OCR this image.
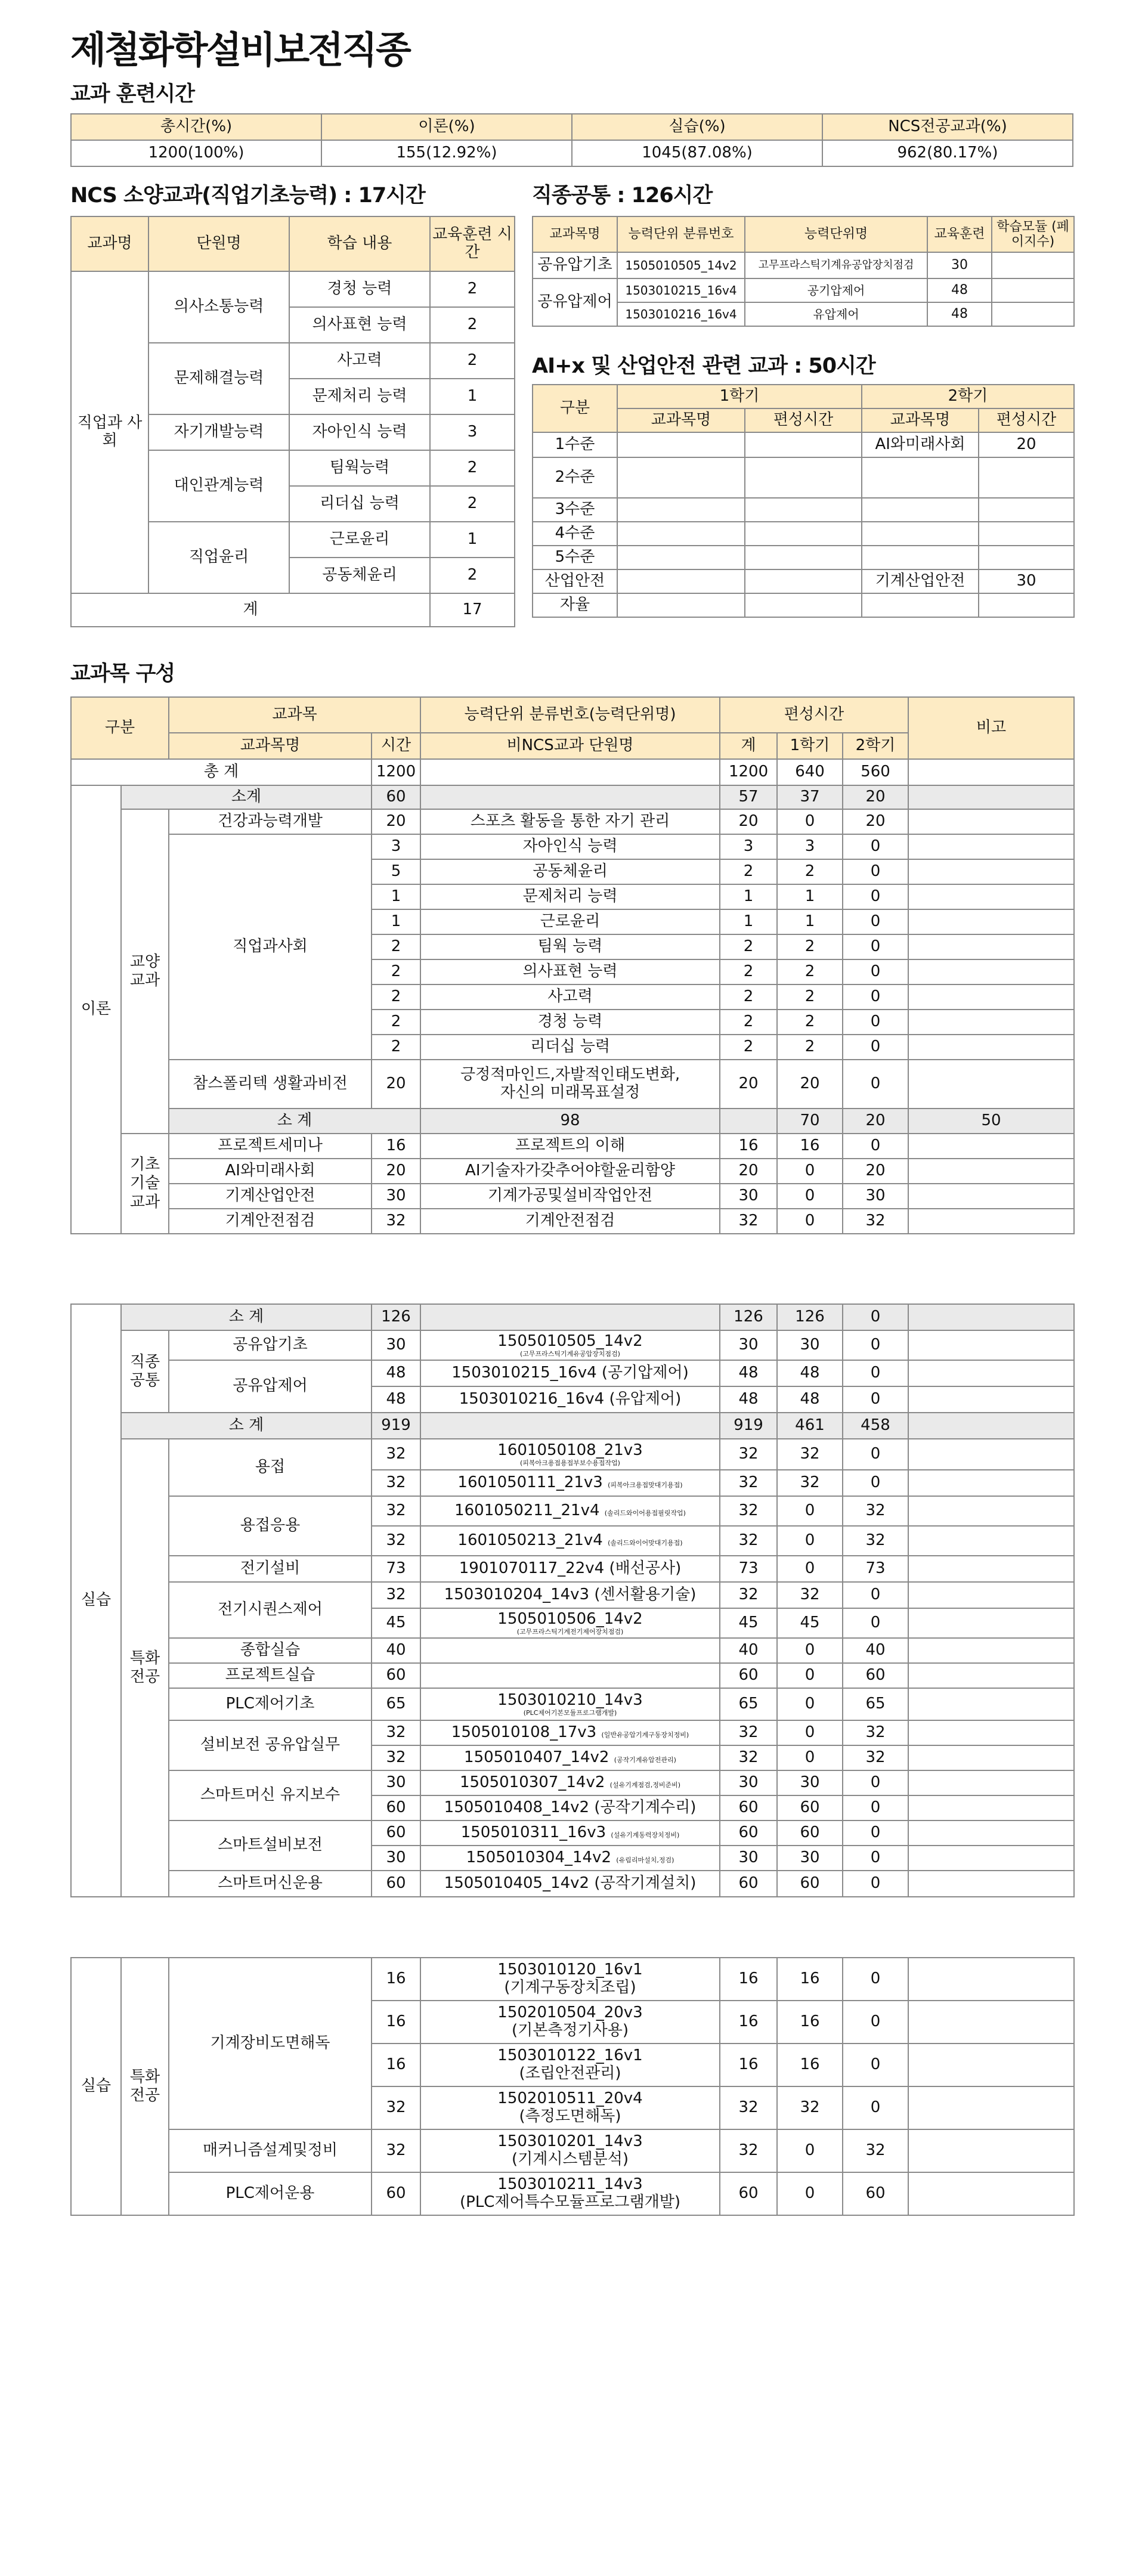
제철화학설비보전직종
교과 훈련시간
총시간(%)	이론(%)	실습(%)	NCS전공교과(%)
1200(100%)	155(12.92%)	1045(87.08%)	962(80.17%)
NCS 소양교과(직업기초능력) : 17시간
교과명	단원명	학습 내용	교육훈련 시간
직업과 사회	의사소통능력	경청 능력	2
		의사표현 능력	2
	문제해결능력	사고력	2
		문제처리 능력	1
	자기개발능력	자아인식 능력	3
	대인관계능력	팀웍능력	2
		리더십 능력	2
	직업윤리	근로윤리	1
		공동체윤리	2
계			17
직종공통 : 126시간
교과목명	능력단위 분류번호	능력단위명	교육훈련	학습모듈 (페이지수)
공유압기초	1505010505_14v2	고무프라스틱기계유공압장치점검	30	
공유압제어	1503010215_16v4	공기압제어	48	
	1503010216_16v4	유압제어	48	
AI+x 및 산업안전 관련 교과 : 50시간
구분	1학기		2학기	
	교과목명	편성시간	교과목명	편성시간
1수준			AI와미래사회	20
2수준				
3수준				
4수준				
5수준				
산업안전			기계산업안전	30
자율				
교과목 구성
구분		교과목		능력단위 분류번호(능력단위명)	편성시간			비고	
		교과목명	시간	비NCS교과 단원명	계	1학기	2학기		
총 계			1200		1200	640	560		
이론	소계		60		57	37	20		
	교양 교과	건강과능력개발	20	스포츠 활동을 통한 자기 관리	20	0	20		
		직업과사회	3	자아인식 능력	3	3	0		
			5	공동체윤리	2	2	0		
			1	문제처리 능력	1	1	0		
			1	근로윤리	1	1	0		
			2	팀웍 능력	2	2	0		
			2	의사표현 능력	2	2	0		
			2	사고력	2	2	0		
			2	경청 능력	2	2	0		
			2	리더십 능력	2	2	0		
		참스폴리텍 생활과비전	20	긍정적마인드,자발적인태도변화,
자신의 미래목표설정	20	20	0		
		소 계		98		70	20	50	
	기초 기술 교과	프로젝트세미나	16	프로젝트의 이해	16	16	0		
		AI와미래사회	20	AI기술자가갖추어야할윤리함양	20	0	20		
		기계산업안전	30	기계가공및설비작업안전	30	0	30		
		기계안전점검	32	기계안전점검	32	0	32		
실습	소 계		126		126	126	0	
	직종 공통	공유압기초	30	1505010505_14v2
(고무프라스틱기계유공압장치점검)	30	30	0	
		공유압제어	48	1503010215_16v4 (공기압제어)	48	48	0	
			48	1503010216_16v4 (유압제어)	48	48	0	
	소 계		919		919	461	458	
	특화 전공	용접	32	1601050108_21v3
(피복아크용접용접부보수용접작업)	32	32	0	
			32	1601050111_21v3 (피복아크용접맞대기용접)	32	32	0	
		용접응용	32	1601050211_21v4 (솔리드와이어용접필릿작업)	32	0	32	
			32	1601050213_21v4 (솔리드와이어맞대기용접)	32	0	32	
		전기설비	73	1901070117_22v4 (배선공사)	73	0	73	
		전기시퀀스제어	32	1503010204_14v3 (센서활용기술)	32	32	0	
			45	1505010506_14v2
(고무프라스틱기계전기제어장치점검)	45	45	0	
		종합실습	40		40	0	40	
		프로젝트실습	60		60	0	60	
		PLC제어기초	65	1503010210_14v3
(PLC제어기본모듈프로그램개발)	65	0	65	
		설비보전 공유압실무	32	1505010108_17v3 (일반유공압기계구동장치정비)	32	0	32	
			32	1505010407_14v2 (공작기계유압전관리)	32	0	32	
		스마트머신 유지보수	30	1505010307_14v2 (설유기계점검,정비준비)	30	30	0	
			60	1505010408_14v2 (공작기계수리)	60	60	0	
		스마트설비보전	60	1505010311_16v3 (설유기계동력장치정비)	60	60	0	
			30	1505010304_14v2 (유림리마설치,정검)	30	30	0	
		스마트머신운용	60	1505010405_14v2 (공작기계설치)	60	60	0	
실습	특화 전공	기계장비도면해독	16	1503010120_16v1
(기계구동장치조립)	16	16	0	
			16	1502010504_20v3
(기본측정기사용)	16	16	0	
			16	1503010122_16v1
(조립안전관리)	16	16	0	
			32	1502010511_20v4
(측정도면해독)	32	32	0	
		매커니즘설계및정비	32	1503010201_14v3
(기계시스템분석)	32	0	32	
		PLC제어운용	60	1503010211_14v3
(PLC제어특수모듈프로그램개발)	60	0	60	
